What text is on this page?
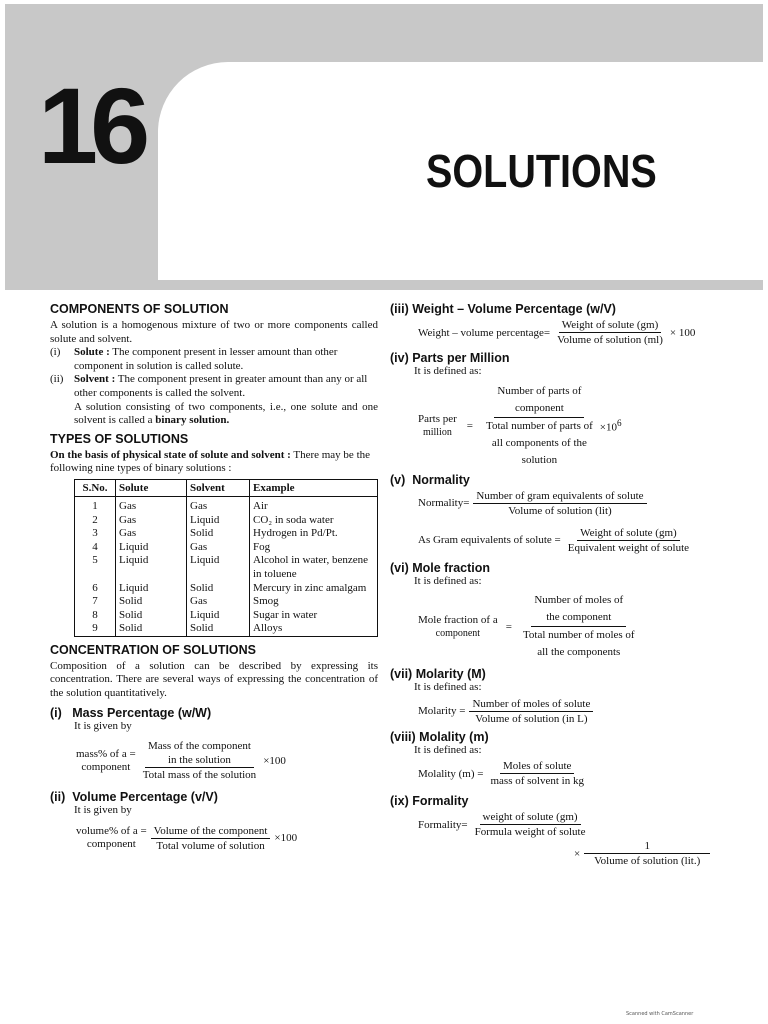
16	SOLUTIONS
COMPONENTS OF SOLUTION

A solution is a homogenous mixture of two or more components called solute and solvent.

(i)	Solute : The component present in lesser amount than other component in solution is called solute.
(ii) Solvent : The component present in greater amount than any or all other components is called the solvent.

A solution consisting of two components, i.e., one solute and one solvent is called a binary solution.

TYPES OF SOLUTIONS

On the basis of physical state of solute and solvent : There may be the following nine types of binary solutions :

S.No.	Solute	Solvent	Example
1	Gas	Gas	Air
2	Gas	Liquid	CO₂ in soda water
3	Gas	Solid	Hydrogen in Pd/Pt.
4	Liquid	Gas	Fog
5	Liquid	Liquid	Alcohol in water, benzene in toluene
6	Liquid	Solid	Mercury in zinc amalgam
7	Solid	Gas	Smog
8	Solid	Liquid	Sugar in water
9	Solid	Solid	Alloys
CONCENTRATION OF SOLUTIONS

Composition of a solution can be described by expressing its concentration. There are several ways of expressing the concentration of the solution quantitatively.

(i)   Mass Percentage (w/W)

It is given by

mass% of a =
component
Mass of the component
in the solution
Total mass of the solution
×100
(ii)  Volume Percentage (v/V)

It is given by

volume% of a =
component	$\frac{\text{Volume of the component}}{\text{Total volume of solution}} \times 100$
(iii) Weight – Volume Percentage (w/V)
Weight – volume percentage= $\frac{\text{Weight of solute (gm)}}{\text{Volume of solution (ml)}} \times 100$
(iv) Parts per Million

It is defined as:

Parts per
million
=
Number of parts of
component
Total number of parts of
all components of the
solution
$\times 10^6$
(v)  Normality
Normality= $\frac{\text{Number of gram equivalents of solute}}{\text{Volume of solution (lit)}}$
As Gram equivalents of solute = $\frac{\text{Weight of solute (gm)}}{\text{Equivalent weight of solute}}$
(vi) Mole fraction

It is defined as:

Mole fraction of a
component
=
Number of moles of
the component
Total number of moles of
all the components
(vii) Molarity (M)

It is defined as:

Molarity = $\frac{\text{Number of moles of solute}}{\text{Volume of solution (in L)}}$
(viii) Molality (m)

It is defined as:

Molality $(m) = \frac{\text{Moles of solute}}{\text{mass of solvent in kg}}$
(ix) Formality
Formality= $\frac{\text{weight of solute (gm)}}{\text{Formula weight of solute}}$
× $\frac{1}{\text{Volume of solution (lit.)}}$
Scanned with CamScanner
